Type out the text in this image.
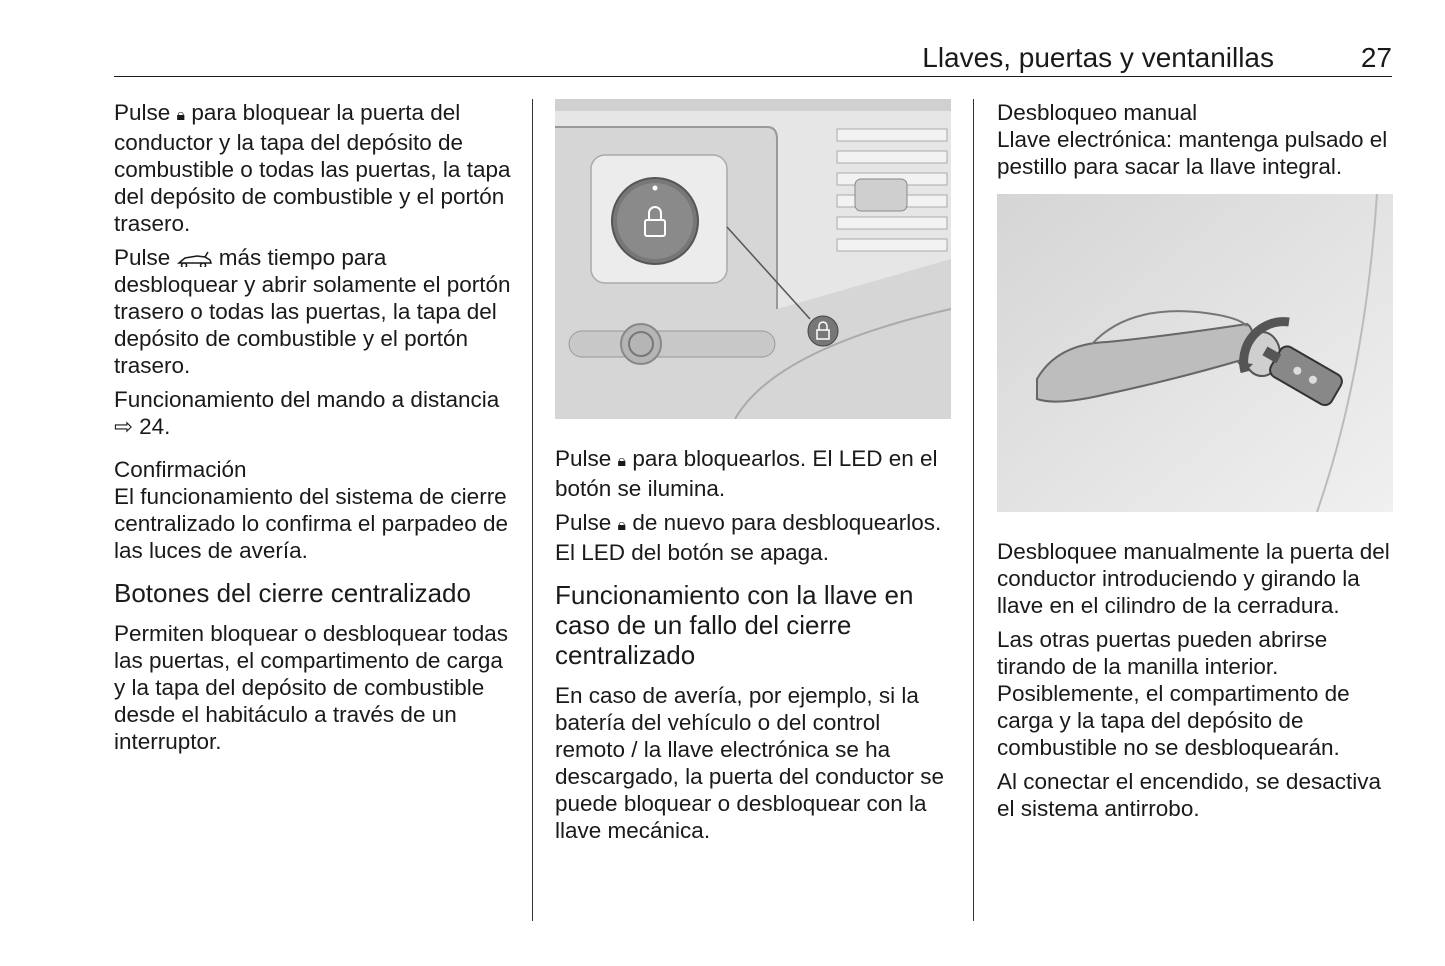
Llaves, puertas y ventanillas	27

Pulse 🔒︎ para bloquear la puerta del conductor y la tapa del depósito de combustible o todas las puertas, la tapa del depósito de combustible y el portón trasero.

Pulse  más tiempo para desbloquear y abrir solamente el portón trasero o todas las puertas, la tapa del depósito de combustible y el portón trasero.

Funcionamiento del mando a distancia ⇨ 24.

Confirmación

El funcionamiento del sistema de cierre centralizado lo confirma el parpadeo de las luces de avería.

Botones del cierre centralizado

Permiten bloquear o desbloquear todas las puertas, el compartimento de carga y la tapa del depósito de combustible desde el habitáculo a través de un interruptor.

Pulse 🔒︎ para bloquearlos. El LED en el botón se ilumina.

Pulse 🔒︎ de nuevo para desbloquearlos. El LED del botón se apaga.

Funcionamiento con la llave en caso de un fallo del cierre centralizado

En caso de avería, por ejemplo, si la batería del vehículo o del control remoto / la llave electrónica se ha descargado, la puerta del conductor se puede bloquear o desbloquear con la llave mecánica.

Desbloqueo manual

Llave electrónica: mantenga pulsado el pestillo para sacar la llave integral.

Desbloquee manualmente la puerta del conductor introduciendo y girando la llave en el cilindro de la cerradura.

Las otras puertas pueden abrirse tirando de la manilla interior. Posiblemente, el compartimento de carga y la tapa del depósito de combustible no se desbloquearán.

Al conectar el encendido, se desactiva el sistema antirrobo.
